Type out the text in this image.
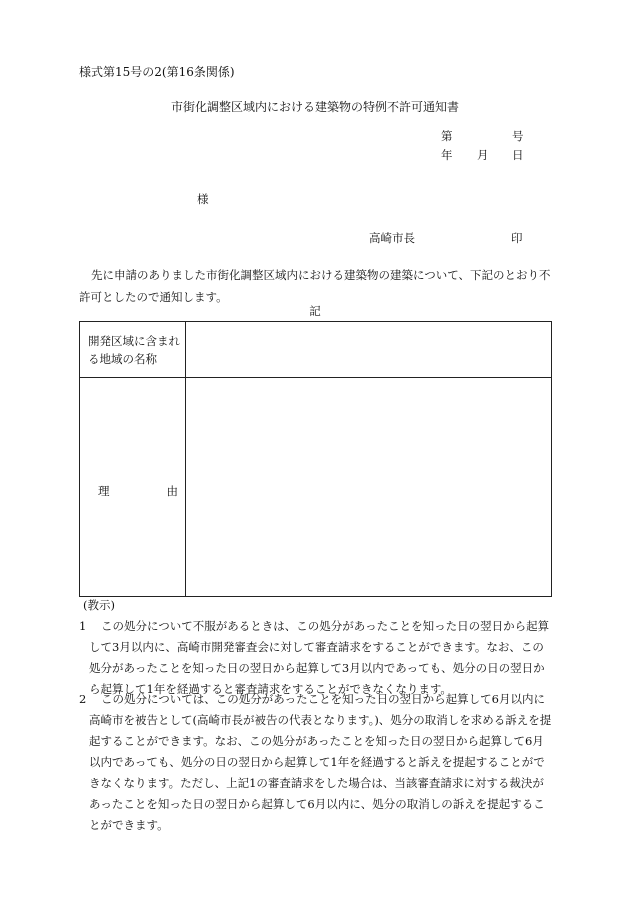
様式第15号の2(第16条関係)
市街化調整区域内における建築物の特例不許可通知書
第	号
年 月 日
様
高崎市長	印
先に申請のありました市街化調整区域内における建築物の建築について、下記のとおり不許可としたので通知します。
記
開発区域に含まれる地域の名称
理	由
(教示)
1	この処分について不服があるときは、この処分があったことを知った日の翌日から起算して3月以内に、高崎市開発審査会に対して審査請求をすることができます。なお、この処分があったことを知った日の翌日から起算して3月以内であっても、処分の日の翌日から起算して1年を経過すると審査請求をすることができなくなります。
2	この処分については、この処分があったことを知った日の翌日から起算して6月以内に高崎市を被告として(高崎市長が被告の代表となります。)、処分の取消しを求める訴えを提起することができます。なお、この処分があったことを知った日の翌日から起算して6月以内であっても、処分の日の翌日から起算して1年を経過すると訴えを提起することができなくなります。ただし、上記1の審査請求をした場合は、当該審査請求に対する裁決があったことを知った日の翌日から起算して6月以内に、処分の取消しの訴えを提起することができます。
